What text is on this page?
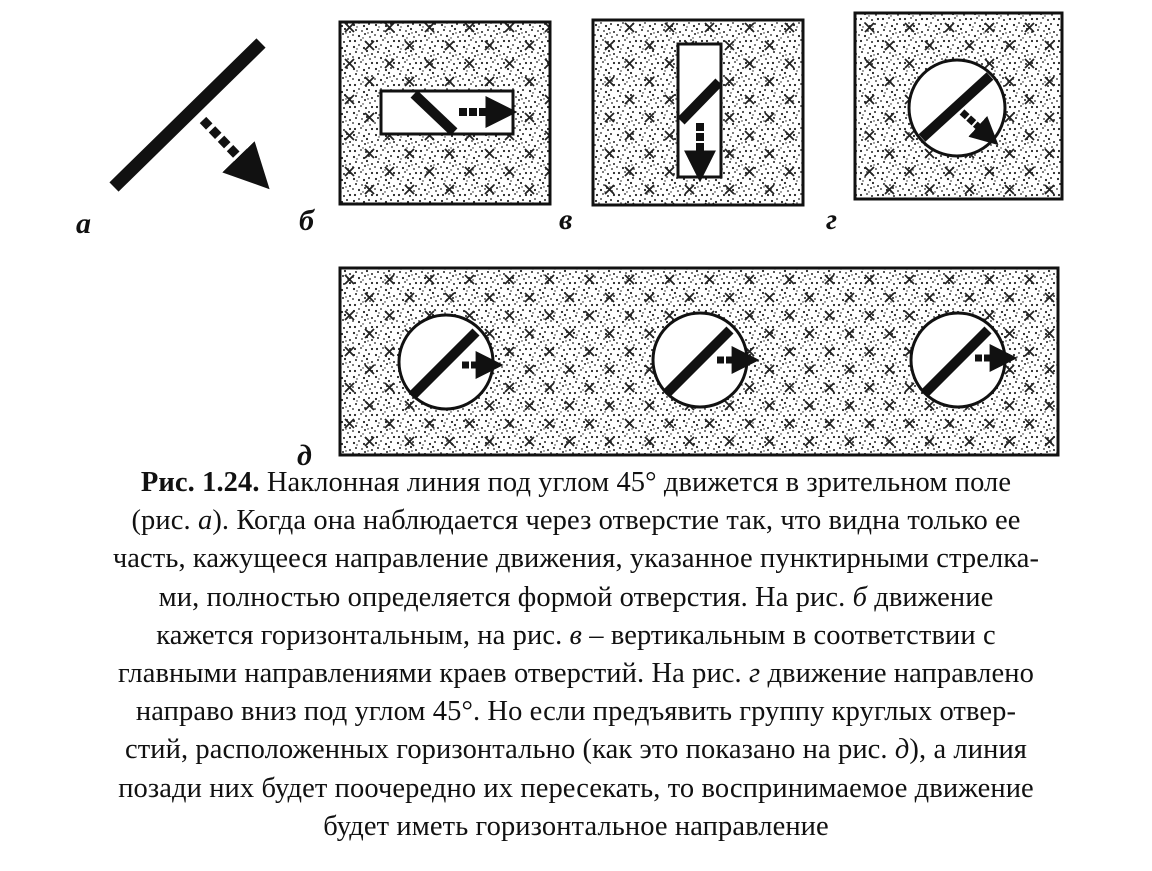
а	б	в	г
д
Рис. 1.24. Наклонная линия под углом 45° движется в зрительном поле
(рис. а). Когда она наблюдается через отверстие так, что видна только ее
часть, кажущееся направление движения, указанное пунктирными стрелка-
ми, полностью определяется формой отверстия. На рис. б движение
кажется горизонтальным, на рис. в – вертикальным в соответствии с
главными направлениями краев отверстий. На рис. г движение направлено
направо вниз под углом 45°. Но если предъявить группу круглых отвер-
стий, расположенных горизонтально (как это показано на рис. д), а линия
позади них будет поочередно их пересекать, то воспринимаемое движение
будет иметь горизонтальное направление
